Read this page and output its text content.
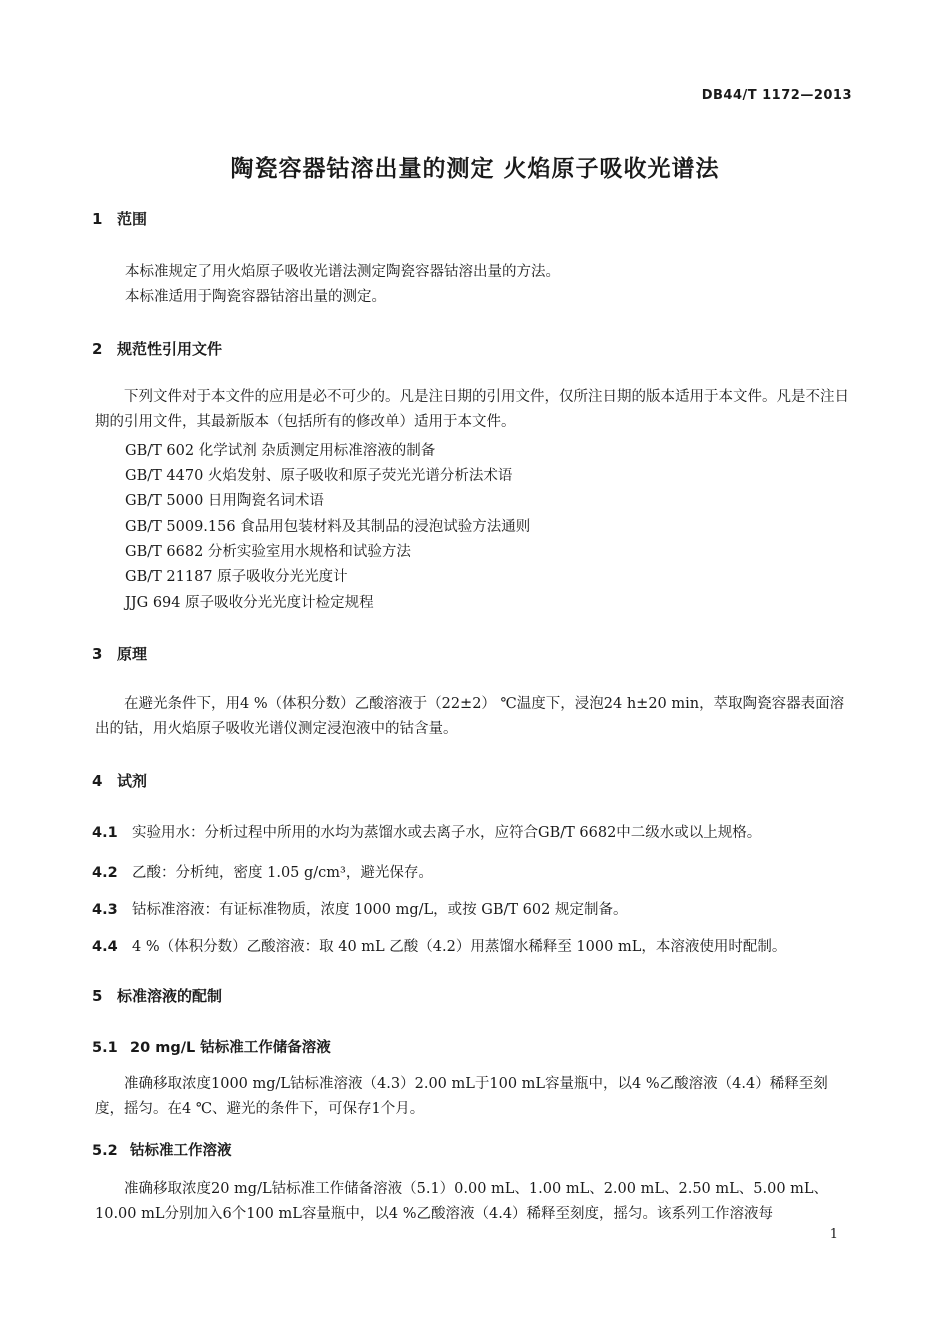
DB44/T 1172—2013
陶瓷容器钴溶出量的测定 火焰原子吸收光谱法
1 范围
本标准规定了用火焰原子吸收光谱法测定陶瓷容器钴溶出量的方法。
本标准适用于陶瓷容器钴溶出量的测定。
2 规范性引用文件
下列文件对于本文件的应用是必不可少的。凡是注日期的引用文件，仅所注日期的版本适用于本文件。凡是不注日期的引用文件，其最新版本（包括所有的修改单）适用于本文件。
GB/T 602 化学试剂 杂质测定用标准溶液的制备
GB/T 4470 火焰发射、原子吸收和原子荧光光谱分析法术语
GB/T 5000 日用陶瓷名词术语
GB/T 5009.156 食品用包装材料及其制品的浸泡试验方法通则
GB/T 6682 分析实验室用水规格和试验方法
GB/T 21187 原子吸收分光光度计
JJG 694 原子吸收分光光度计检定规程
3 原理
在避光条件下，用4 %（体积分数）乙酸溶液于（22±2） ℃温度下，浸泡24 h±20 min，萃取陶瓷容器表面溶出的钴，用火焰原子吸收光谱仪测定浸泡液中的钴含量。
4 试剂
4.1 实验用水：分析过程中所用的水均为蒸馏水或去离子水，应符合GB/T 6682中二级水或以上规格。
4.2 乙酸：分析纯，密度 1.05 g/cm³，避光保存。
4.3 钴标准溶液：有证标准物质，浓度 1000 mg/L，或按 GB/T 602 规定制备。
4.4 4 %（体积分数）乙酸溶液：取 40 mL 乙酸（4.2）用蒸馏水稀释至 1000 mL，本溶液使用时配制。
5 标准溶液的配制
5.1 20 mg/L 钴标准工作储备溶液
准确移取浓度1000 mg/L钴标准溶液（4.3）2.00 mL于100 mL容量瓶中，以4 %乙酸溶液（4.4）稀释至刻度，摇匀。在4 ℃、避光的条件下，可保存1个月。
5.2 钴标准工作溶液
准确移取浓度20 mg/L钴标准工作储备溶液（5.1）0.00 mL、1.00 mL、2.00 mL、2.50 mL、5.00 mL、10.00 mL分别加入6个100 mL容量瓶中，以4 %乙酸溶液（4.4）稀释至刻度，摇匀。该系列工作溶液每
1
